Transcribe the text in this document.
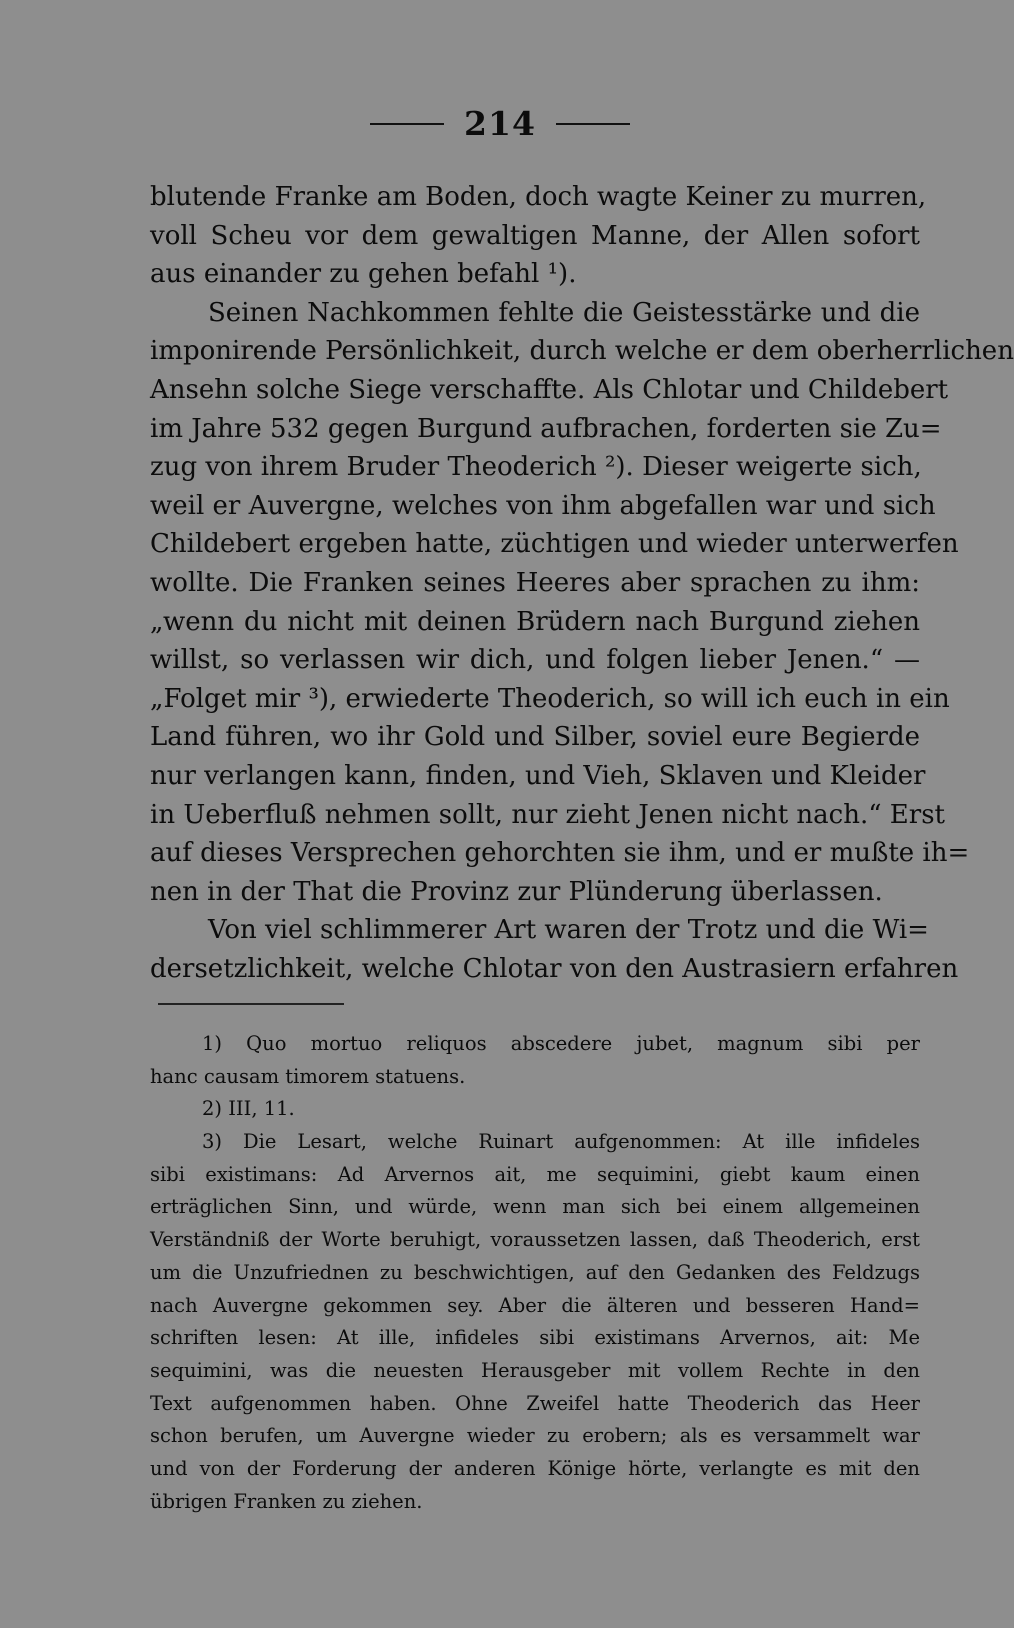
214
blutende Franke am Boden, doch wagte Keiner zu murren,
voll Scheu vor dem gewaltigen Manne, der Allen sofort
aus einander zu gehen befahl ¹).
Seinen Nachkommen fehlte die Geistesstärke und die
imponirende Persönlichkeit, durch welche er dem oberherrlichen
Ansehn solche Siege verschaffte. Als Chlotar und Childebert
im Jahre 532 gegen Burgund aufbrachen, forderten sie Zu=
zug von ihrem Bruder Theoderich ²). Dieser weigerte sich,
weil er Auvergne, welches von ihm abgefallen war und sich
Childebert ergeben hatte, züchtigen und wieder unterwerfen
wollte. Die Franken seines Heeres aber sprachen zu ihm:
„wenn du nicht mit deinen Brüdern nach Burgund ziehen
willst, so verlassen wir dich, und folgen lieber Jenen.“ —
„Folget mir ³), erwiederte Theoderich, so will ich euch in ein
Land führen, wo ihr Gold und Silber, soviel eure Begierde
nur verlangen kann, finden, und Vieh, Sklaven und Kleider
in Ueberfluß nehmen sollt, nur zieht Jenen nicht nach.“ Erst
auf dieses Versprechen gehorchten sie ihm, und er mußte ih=
nen in der That die Provinz zur Plünderung überlassen.
Von viel schlimmerer Art waren der Trotz und die Wi=
dersetzlichkeit, welche Chlotar von den Austrasiern erfahren
1) Quo mortuo reliquos abscedere jubet, magnum sibi per
hanc causam timorem statuens.
2) III, 11.
3) Die Lesart, welche Ruinart aufgenommen: At ille infideles
sibi existimans: Ad Arvernos ait, me sequimini, giebt kaum einen
erträglichen Sinn, und würde, wenn man sich bei einem allgemeinen
Verständniß der Worte beruhigt, voraussetzen lassen, daß Theoderich, erst
um die Unzufriednen zu beschwichtigen, auf den Gedanken des Feldzugs
nach Auvergne gekommen sey. Aber die älteren und besseren Hand=
schriften lesen: At ille, infideles sibi existimans Arvernos, ait: Me
sequimini, was die neuesten Herausgeber mit vollem Rechte in den
Text aufgenommen haben. Ohne Zweifel hatte Theoderich das Heer
schon berufen, um Auvergne wieder zu erobern; als es versammelt war
und von der Forderung der anderen Könige hörte, verlangte es mit den
übrigen Franken zu ziehen.
